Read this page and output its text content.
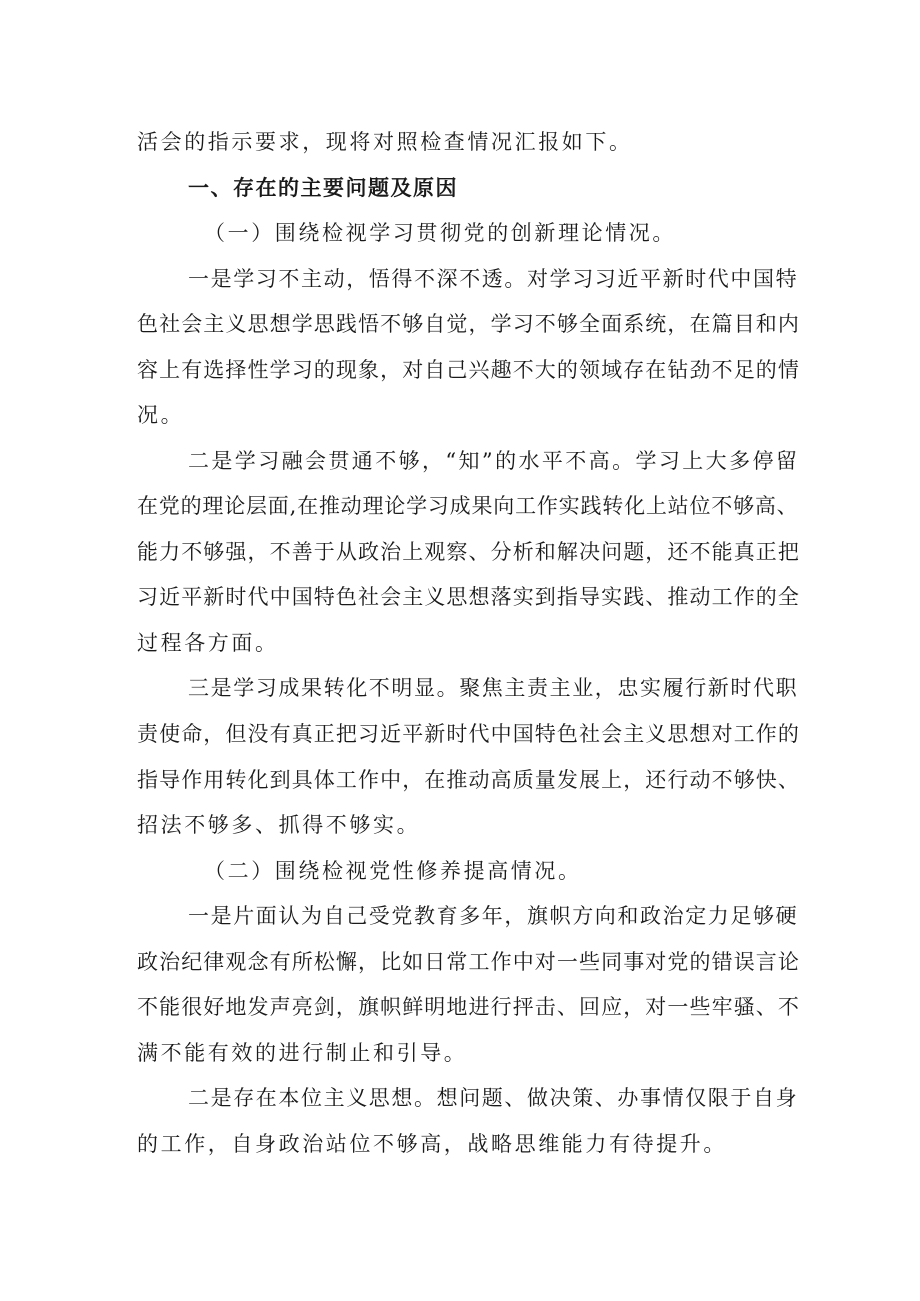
活会的指示要求，现将对照检查情况汇报如下。
一、存在的主要问题及原因
（一）围绕检视学习贯彻党的创新理论情况。
一是学习不主动，悟得不深不透。对学习习近平新时代中国特
色社会主义思想学思践悟不够自觉，学习不够全面系统，在篇目和内
容上有选择性学习的现象，对自己兴趣不大的领域存在钻劲不足的情
况。
二是学习融会贯通不够，“知”的水平不高。学习上大多停留
在党的理论层面,在推动理论学习成果向工作实践转化上站位不够高、
能力不够强，不善于从政治上观察、分析和解决问题，还不能真正把
习近平新时代中国特色社会主义思想落实到指导实践、推动工作的全
过程各方面。
三是学习成果转化不明显。聚焦主责主业，忠实履行新时代职
责使命，但没有真正把习近平新时代中国特色社会主义思想对工作的
指导作用转化到具体工作中，在推动高质量发展上，还行动不够快、
招法不够多、抓得不够实。
（二）围绕检视党性修养提高情况。
一是片面认为自己受党教育多年，旗帜方向和政治定力足够硬
政治纪律观念有所松懈，比如日常工作中对一些同事对党的错误言论
不能很好地发声亮剑，旗帜鲜明地进行抨击、回应，对一些牢骚、不
满不能有效的进行制止和引导。
二是存在本位主义思想。想问题、做决策、办事情仅限于自身
的工作，自身政治站位不够高，战略思维能力有待提升。
